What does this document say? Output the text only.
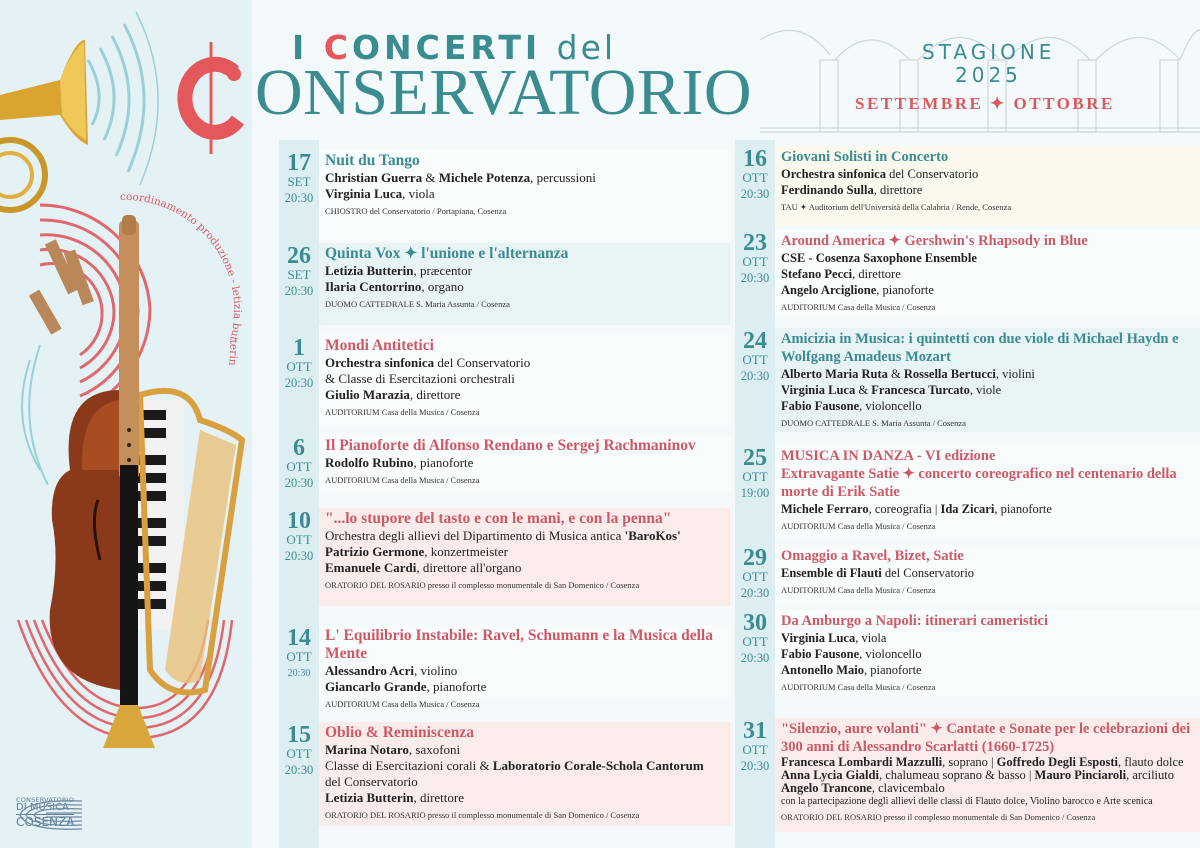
coordinamento produzione - letizia butterin
CONSERVATORIO
DI MUSICA
COSENZA
I CONCERTI del
ONSERVATORIO
STAGIONE
2025
SETTEMBRE ✦ OTTOBRE
17
SET
20:30
Nuit du Tango
Christian Guerra & Michele Potenza, percussioni
Virginia Luca, viola
CHIOSTRO del Conservatorio / Portapiana, Cosenza
26
SET
20:30
Quinta Vox ✦ l'unione e l'alternanza
Letizia Butterin, præcentor
Ilaria Centorrino, organo
DUOMO CATTEDRALE S. Maria Assunta / Cosenza
1
OTT
20:30
Mondi Antitetici
Orchestra sinfonica del Conservatorio
& Classe di Esercitazioni orchestrali
Giulio Marazia, direttore
AUDITORIUM Casa della Musica / Cosenza
6
OTT
20:30
Il Pianoforte di Alfonso Rendano e Sergej Rachmaninov
Rodolfo Rubino, pianoforte
AUDITORIUM Casa della Musica / Cosenza
10
OTT
20:30
"...lo stupore del tasto e con le mani, e con la penna"
Orchestra degli allievi del Dipartimento di Musica antica 'BaroKos'
Patrizio Germone, konzertmeister
Emanuele Cardi, direttore all'organo
ORATORIO DEL ROSARIO presso il complesso monumentale di San Domenico / Cosenza
14
OTT
20:30
L' Equilibrio Instabile: Ravel, Schumann e la Musica della Mente
Alessandro Acri, violino
Giancarlo Grande, pianoforte
AUDITORIUM Casa della Musica / Cosenza
15
OTT
20:30
Oblio & Reminiscenza
Marina Notaro, saxofoni
Classe di Esercitazioni corali & Laboratorio Corale-Schola Cantorum
del Conservatorio
Letizia Butterin, direttore
ORATORIO DEL ROSARIO presso il complesso monumentale di San Domenico / Cosenza
16
OTT
20:30
Giovani Solisti in Concerto
Orchestra sinfonica del Conservatorio
Ferdinando Sulla, direttore
TAU ✦ Auditorium dell'Università della Calabria / Rende, Cosenza
23
OTT
20:30
Around America ✦ Gershwin's Rhapsody in Blue
CSE - Cosenza Saxophone Ensemble
Stefano Pecci, direttore
Angelo Arciglione, pianoforte
AUDITORIUM Casa della Musica / Cosenza
24
OTT
20:30
Amicizia in Musica: i quintetti con due viole di Michael Haydn e Wolfgang Amadeus Mozart
Alberto Maria Ruta & Rossella Bertucci, violini
Virginia Luca & Francesca Turcato, viole
Fabio Fausone, violoncello
DUOMO CATTEDRALE S. Maria Assunta / Cosenza
25
OTT
19:00
MUSICA IN DANZA - VI edizione
Extravagante Satie ✦ concerto coreografico nel centenario della morte di Erik Satie
Michele Ferraro, coreografia | Ida Zicari, pianoforte
AUDITORIUM Casa della Musica / Cosenza
29
OTT
20:30
Omaggio a Ravel, Bizet, Satie
Ensemble di Flauti del Conservatorio
AUDITORIUM Casa della Musica / Cosenza
30
OTT
20:30
Da Amburgo a Napoli: itinerari cameristici
Virginia Luca, viola
Fabio Fausone, violoncello
Antonello Maio, pianoforte
AUDITORIUM Casa della Musica / Cosenza
31
OTT
20:30
"Silenzio, aure volanti" ✦ Cantate e Sonate per le celebrazioni dei 300 anni di Alessandro Scarlatti (1660-1725)
Francesca Lombardi Mazzulli, soprano | Goffredo Degli Esposti, flauto dolce
Anna Lycia Gialdi, chalumeau soprano & basso | Mauro Pinciaroli, arciliuto
Angelo Trancone, clavicembalo
con la partecipazione degli allievi delle classi di Flauto dolce, Violino barocco e Arte scenica
ORATORIO DEL ROSARIO presso il complesso monumentale di San Domenico / Cosenza
